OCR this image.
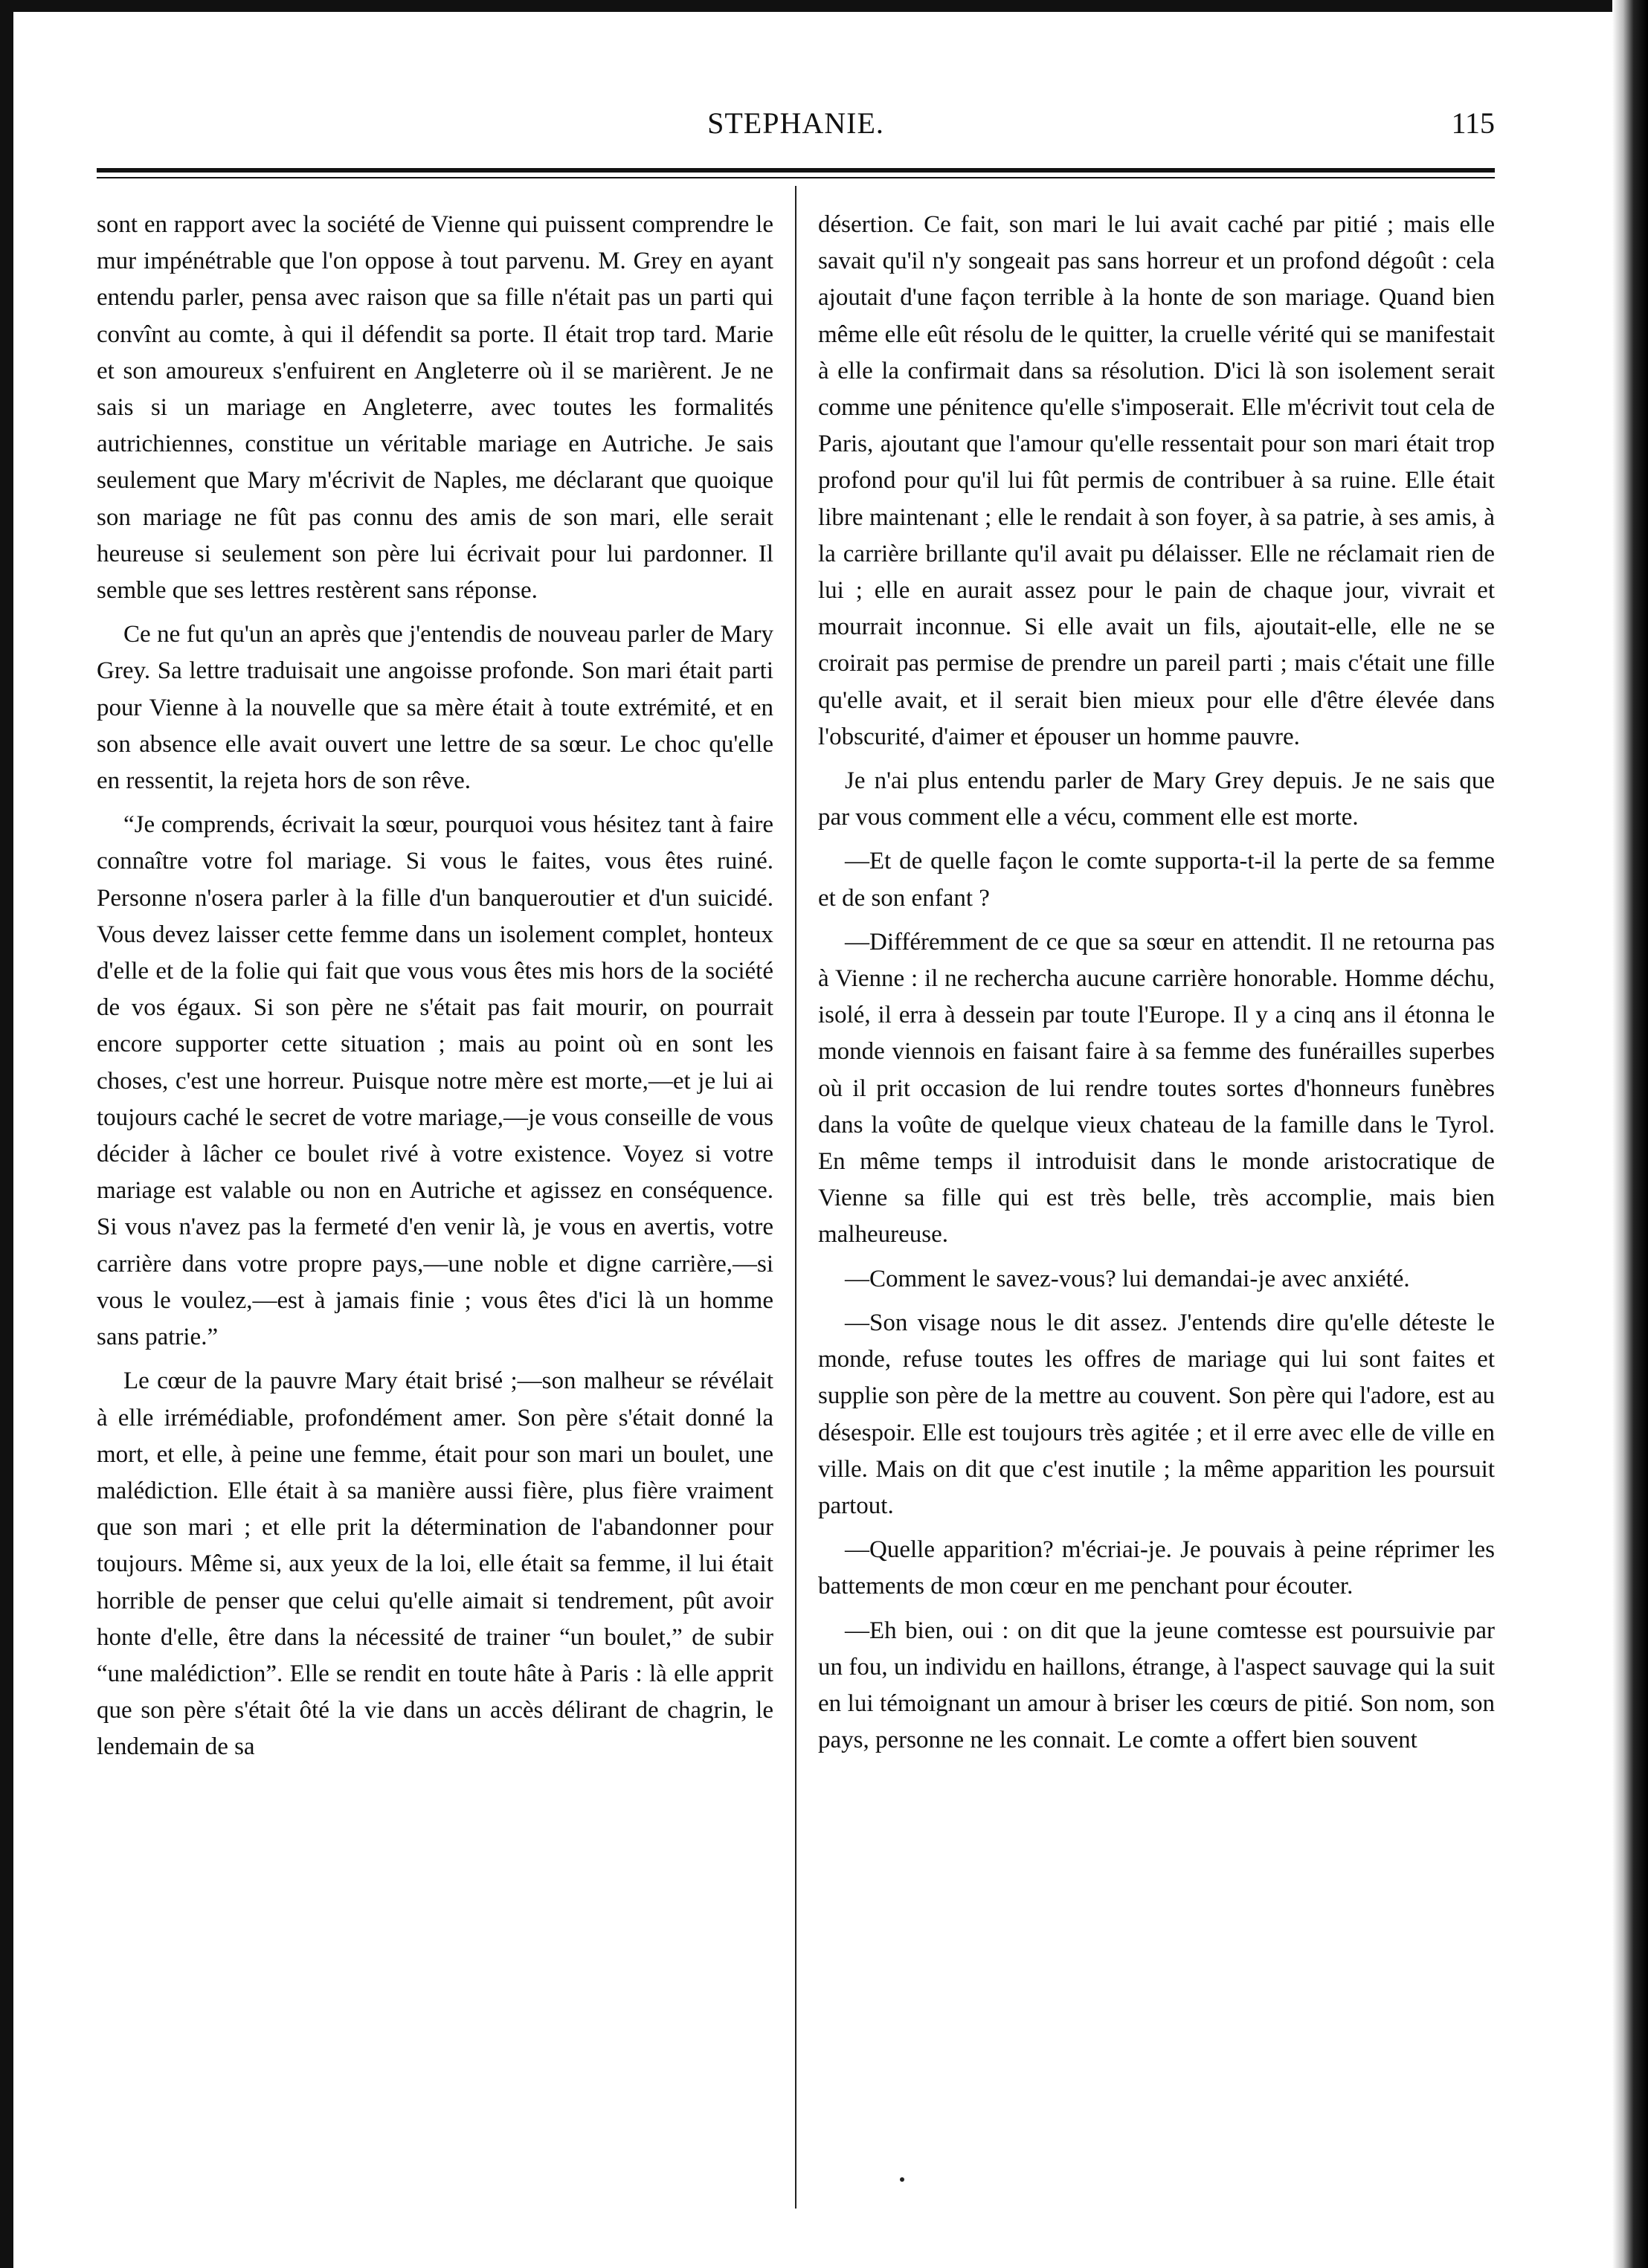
STEPHANIE.	115

sont en rapport avec la société de Vienne qui puissent comprendre le mur impénétrable que l'on oppose à tout parvenu. M. Grey en ayant entendu parler, pensa avec raison que sa fille n'était pas un parti qui convînt au comte, à qui il défendit sa porte. Il était trop tard. Marie et son amoureux s'enfuirent en Angleterre où il se marièrent. Je ne sais si un mariage en Angleterre, avec toutes les formalités autrichiennes, constitue un véritable mariage en Autriche. Je sais seulement que Mary m'écrivit de Naples, me déclarant que quoique son mariage ne fût pas connu des amis de son mari, elle serait heureuse si seulement son père lui écrivait pour lui pardonner. Il semble que ses lettres restèrent sans réponse.

Ce ne fut qu'un an après que j'entendis de nouveau parler de Mary Grey. Sa lettre traduisait une angoisse profonde. Son mari était parti pour Vienne à la nouvelle que sa mère était à toute extrémité, et en son absence elle avait ouvert une lettre de sa sœur. Le choc qu'elle en ressentit, la rejeta hors de son rêve.

“Je comprends, écrivait la sœur, pourquoi vous hésitez tant à faire connaître votre fol mariage. Si vous le faites, vous êtes ruiné. Personne n'osera parler à la fille d'un banqueroutier et d'un suicidé. Vous devez laisser cette femme dans un isolement complet, honteux d'elle et de la folie qui fait que vous vous êtes mis hors de la société de vos égaux. Si son père ne s'était pas fait mourir, on pourrait encore supporter cette situation ; mais au point où en sont les choses, c'est une horreur. Puisque notre mère est morte,—et je lui ai toujours caché le secret de votre mariage,—je vous conseille de vous décider à lâcher ce boulet rivé à votre existence. Voyez si votre mariage est valable ou non en Autriche et agissez en conséquence. Si vous n'avez pas la fermeté d'en venir là, je vous en avertis, votre carrière dans votre propre pays,—une noble et digne carrière,—si vous le voulez,—est à jamais finie ; vous êtes d'ici là un homme sans patrie.”

Le cœur de la pauvre Mary était brisé ;—son malheur se révélait à elle irrémédiable, profondément amer. Son père s'était donné la mort, et elle, à peine une femme, était pour son mari un boulet, une malédiction. Elle était à sa manière aussi fière, plus fière vraiment que son mari ; et elle prit la détermination de l'abandonner pour toujours. Même si, aux yeux de la loi, elle était sa femme, il lui était horrible de penser que celui qu'elle aimait si tendrement, pût avoir honte d'elle, être dans la nécessité de trainer “un boulet,” de subir “une malédiction”. Elle se rendit en toute hâte à Paris : là elle apprit que son père s'était ôté la vie dans un accès délirant de chagrin, le lendemain de sa

désertion. Ce fait, son mari le lui avait caché par pitié ; mais elle savait qu'il n'y songeait pas sans horreur et un profond dégoût : cela ajoutait d'une façon terrible à la honte de son mariage. Quand bien même elle eût résolu de le quitter, la cruelle vérité qui se manifestait à elle la confirmait dans sa résolution. D'ici là son isolement serait comme une pénitence qu'elle s'imposerait. Elle m'écrivit tout cela de Paris, ajoutant que l'amour qu'elle ressentait pour son mari était trop profond pour qu'il lui fût permis de contribuer à sa ruine. Elle était libre maintenant ; elle le rendait à son foyer, à sa patrie, à ses amis, à la carrière brillante qu'il avait pu délaisser. Elle ne réclamait rien de lui ; elle en aurait assez pour le pain de chaque jour, vivrait et mourrait inconnue. Si elle avait un fils, ajoutait-elle, elle ne se croirait pas permise de prendre un pareil parti ; mais c'était une fille qu'elle avait, et il serait bien mieux pour elle d'être élevée dans l'obscurité, d'aimer et épouser un homme pauvre.

Je n'ai plus entendu parler de Mary Grey depuis. Je ne sais que par vous comment elle a vécu, comment elle est morte.

—Et de quelle façon le comte supporta-t-il la perte de sa femme et de son enfant ?

—Différemment de ce que sa sœur en attendit. Il ne retourna pas à Vienne : il ne rechercha aucune carrière honorable. Homme déchu, isolé, il erra à dessein par toute l'Europe. Il y a cinq ans il étonna le monde viennois en faisant faire à sa femme des funérailles superbes où il prit occasion de lui rendre toutes sortes d'honneurs funèbres dans la voûte de quelque vieux chateau de la famille dans le Tyrol. En même temps il introduisit dans le monde aristocratique de Vienne sa fille qui est très belle, très accomplie, mais bien malheureuse.

—Comment le savez-vous? lui demandai-je avec anxiété.

—Son visage nous le dit assez. J'entends dire qu'elle déteste le monde, refuse toutes les offres de mariage qui lui sont faites et supplie son père de la mettre au couvent. Son père qui l'adore, est au désespoir. Elle est toujours très agitée ; et il erre avec elle de ville en ville. Mais on dit que c'est inutile ; la même apparition les poursuit partout.

—Quelle apparition? m'écriai-je. Je pouvais à peine réprimer les battements de mon cœur en me penchant pour écouter.

—Eh bien, oui : on dit que la jeune comtesse est poursuivie par un fou, un individu en haillons, étrange, à l'aspect sauvage qui la suit en lui témoignant un amour à briser les cœurs de pitié. Son nom, son pays, personne ne les connait. Le comte a offert bien souvent
